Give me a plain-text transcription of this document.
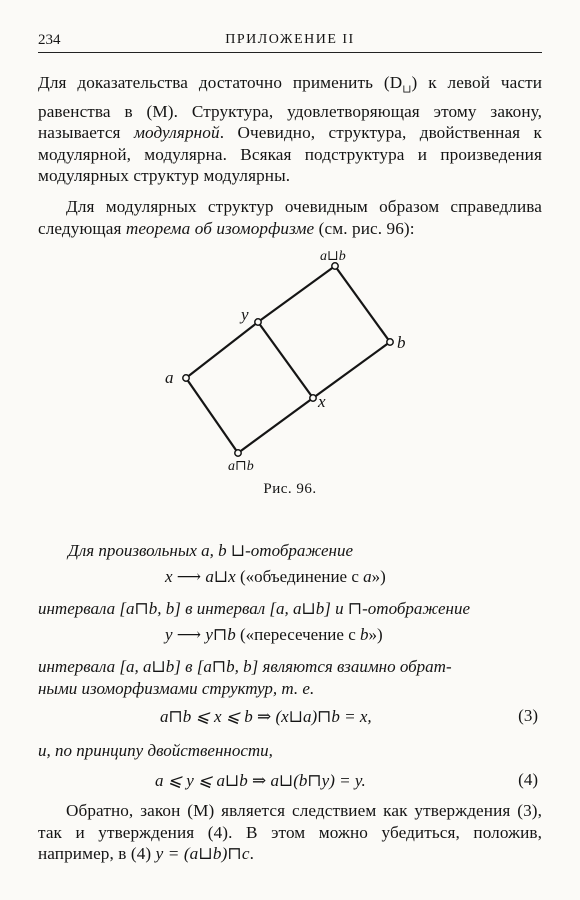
234	ПРИЛОЖЕНИЕ II

Для доказательства достаточно применить $(D_⊔)$ к левой части равенства в (M). Структура, удовлетворяющая этому закону, называется модулярной. Очевидно, структура, двойственная к модулярной, модулярна. Всякая подструктура и произведения модулярных структур модулярны.

Для модулярных структур очевидным образом справедлива следующая теорема об изоморфизме (см. рис. 96):

a⊔b
y
b
a
x
a⊓b
Рис. 96.

Для произвольных a, b ⊔-отображение

x ⟶ a⊔x («объединение с a»)

интервала [a⊓b, b] в интервал [a, a⊔b] и ⊓-отображение

y ⟶ y⊓b («пересечение с b»)

интервала [a, a⊔b] в [a⊓b, b] являются взаимно обрат-

ными изоморфизмами структур, т. е.

a⊓b ⩽ x ⩽ b ⇒ (x⊔a)⊓b = x,	(3)

и, по принципу двойственности,

a ⩽ y ⩽ a⊔b ⇒ a⊔(b⊓y) = y.	(4)

Обратно, закон (M) является следствием как утверждения (3), так и утверждения (4). В этом можно убедиться, положив, например, в (4) y = (a⊔b)⊓c.
